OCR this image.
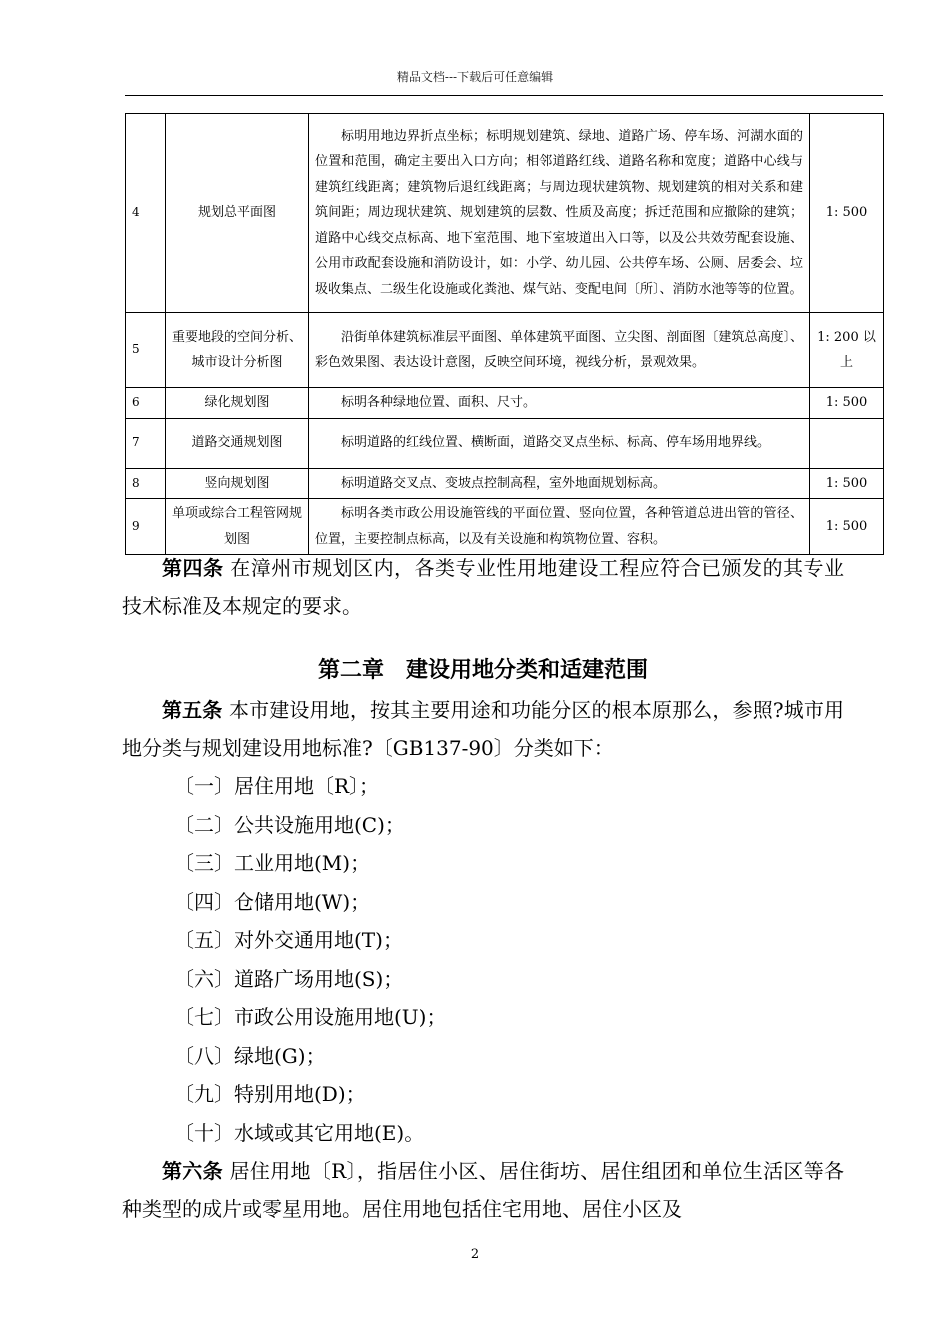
精品文档---下载后可任意编辑
4	规划总平面图	标明用地边界折点坐标；标明规划建筑、绿地、道路广场、停车场、河湖水面的位置和范围，确定主要出入口方向；相邻道路红线、道路名称和宽度；道路中心线与建筑红线距离；建筑物后退红线距离；与周边现状建筑物、规划建筑的相对关系和建筑间距；周边现状建筑、规划建筑的层数、性质及高度；拆迁范围和应撤除的建筑；道路中心线交点标高、地下室范围、地下室坡道出入口等，以及公共效劳配套设施、公用市政配套设施和消防设计，如：小学、幼儿园、公共停车场、公厕、居委会、垃圾收集点、二级生化设施或化粪池、煤气站、变配电间〔所〕、消防水池等等的位置。	1: 500
5	重要地段的空间分析、城市设计分析图	沿街单体建筑标准层平面图、单体建筑平面图、立尖图、剖面图〔建筑总高度〕、彩色效果图、表达设计意图，反映空间环境，视线分析，景观效果。	1: 200 以上
6	绿化规划图	标明各种绿地位置、面积、尺寸。	1: 500
7	道路交通规划图	标明道路的红线位置、横断面，道路交叉点坐标、标高、停车场用地界线。	
8	竖向规划图	标明道路交叉点、变坡点控制高程，室外地面规划标高。	1: 500
9	单项或综合工程管网规划图	标明各类市政公用设施管线的平面位置、竖向位置，各种管道总进出管的管径、位置，主要控制点标高，以及有关设施和构筑物位置、容积。	1: 500

第四条 在漳州市规划区内，各类专业性用地建设工程应符合已颁发的其专业技术标准及本规定的要求。

第二章　建设用地分类和适建范围

第五条 本市建设用地，按其主要用途和功能分区的根本原那么，参照?城市用地分类与规划建设用地标准?〔GB137-90〕分类如下：

〔一〕居住用地〔R〕；
〔二〕公共设施用地(C)；
〔三〕工业用地(M)；
〔四〕仓储用地(W)；
〔五〕对外交通用地(T)；
〔六〕道路广场用地(S)；
〔七〕市政公用设施用地(U)；
〔八〕绿地(G)；
〔九〕特别用地(D)；
〔十〕水域或其它用地(E)。

第六条 居住用地〔R〕，指居住小区、居住街坊、居住组团和单位生活区等各种类型的成片或零星用地。居住用地包括住宅用地、居住小区及

2
